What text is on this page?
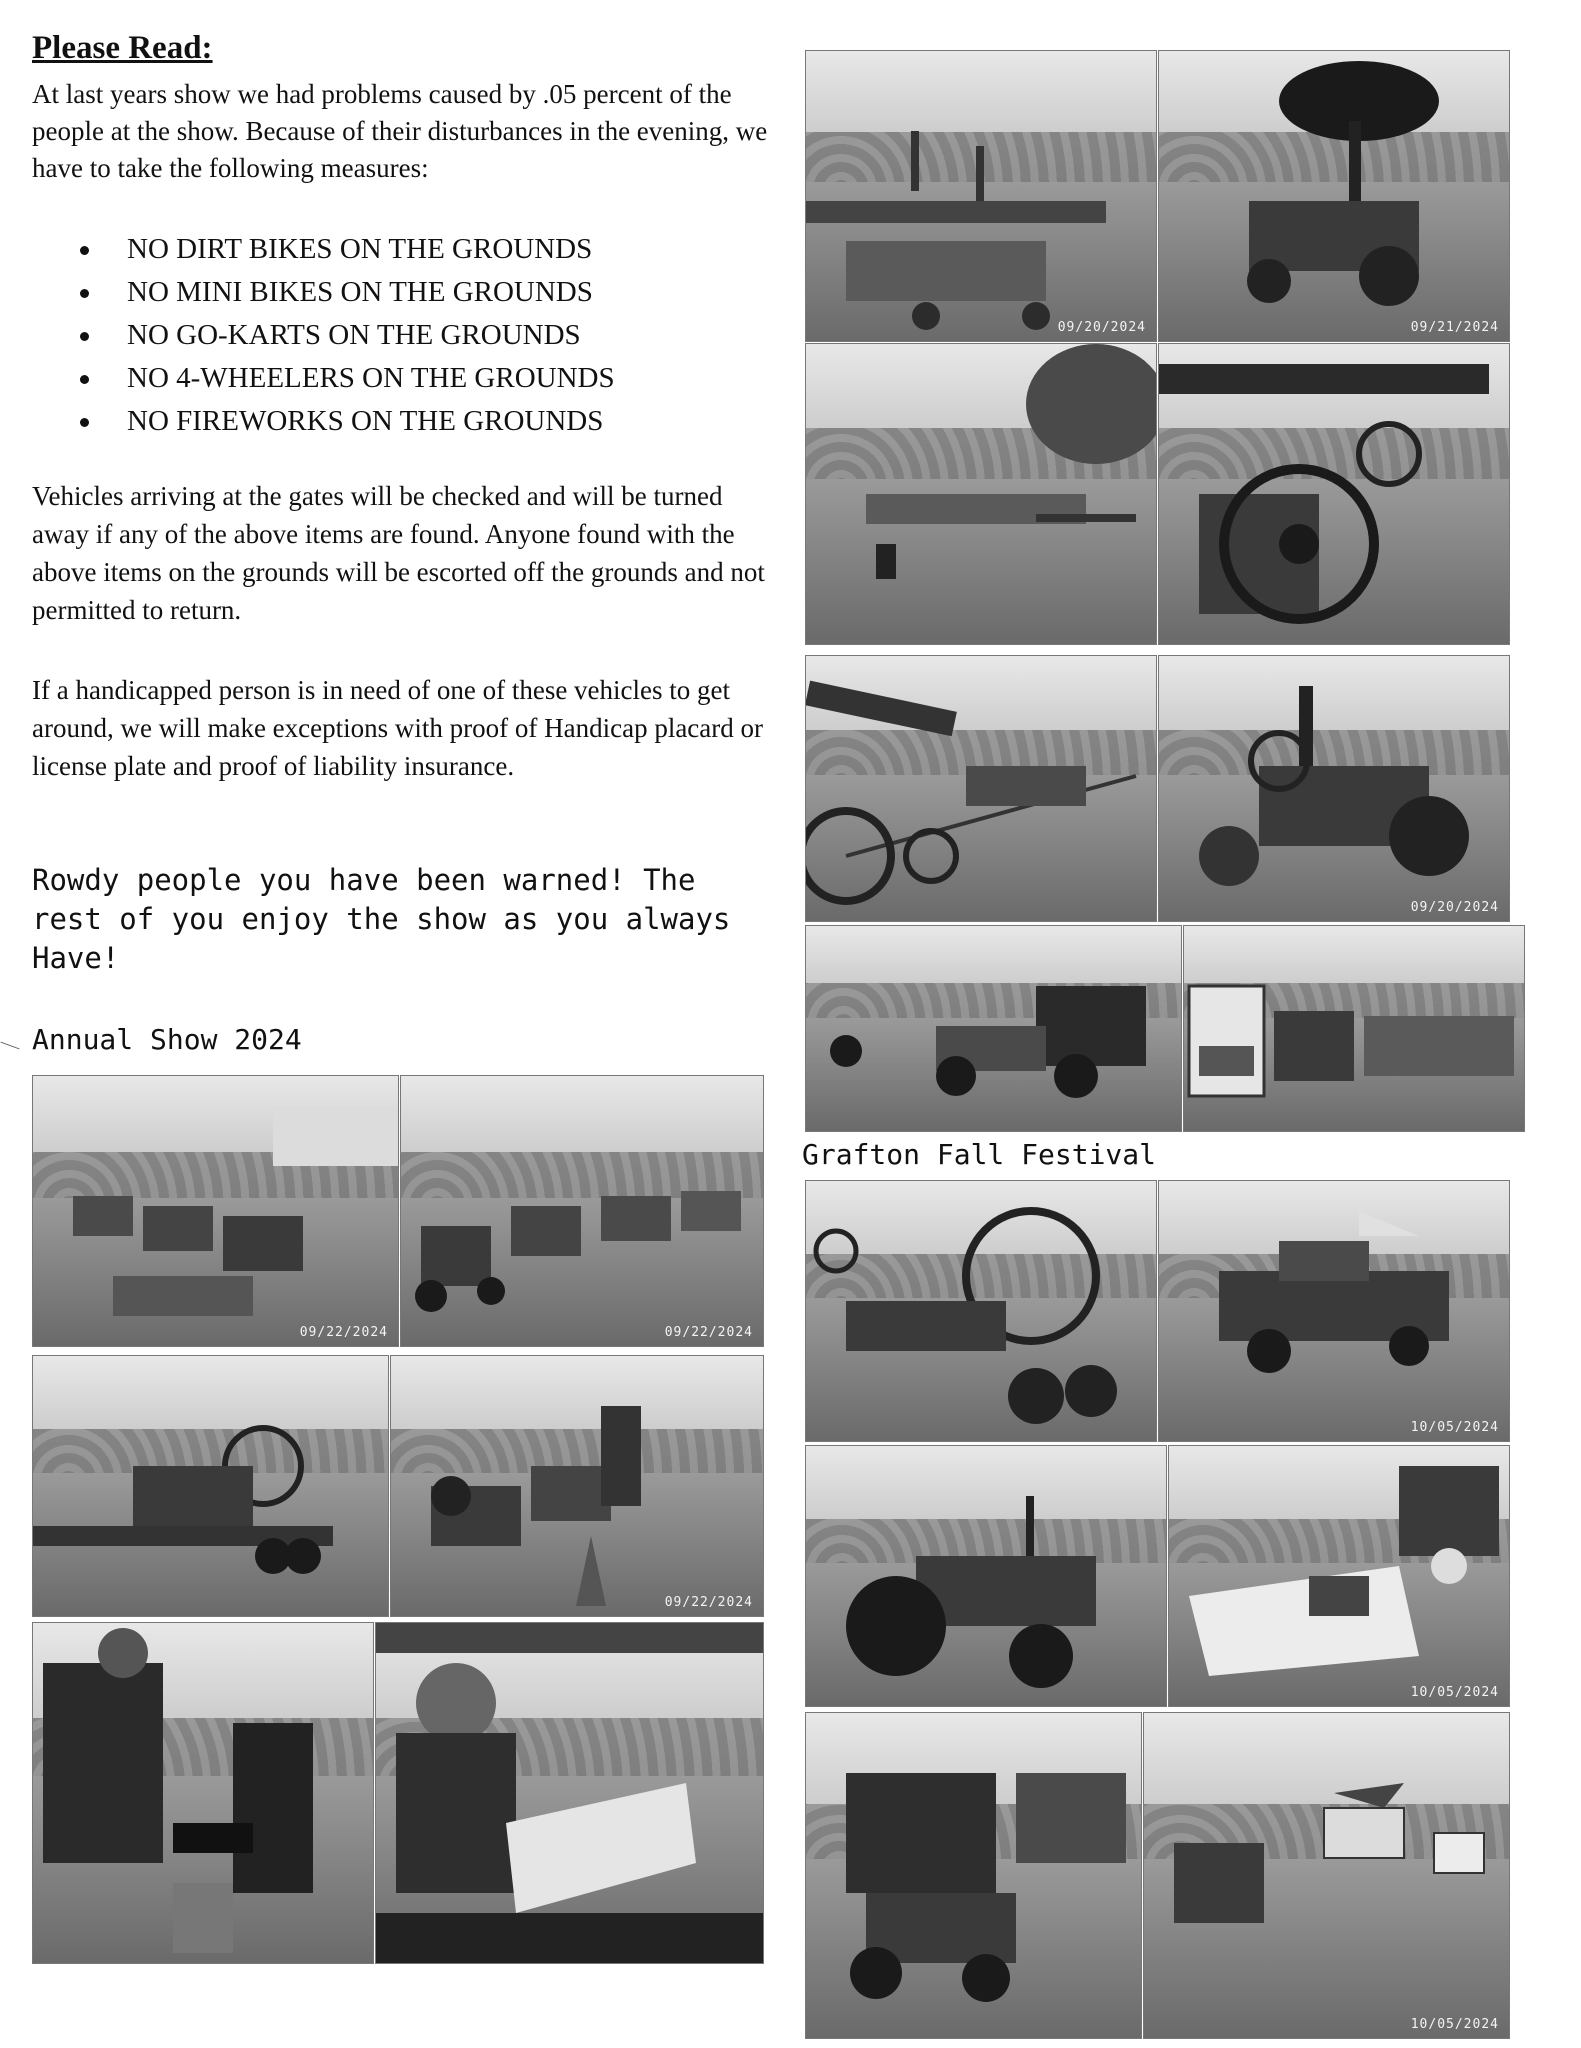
Please Read:
At last years show we had problems caused by .05 percent of the people at the show. Because of their disturbances in the evening, we have to take the following measures:
NO DIRT BIKES ON THE GROUNDS
NO MINI BIKES ON THE GROUNDS
NO GO-KARTS ON THE GROUNDS
NO 4-WHEELERS ON THE GROUNDS
NO FIREWORKS ON THE GROUNDS
Vehicles arriving at the gates will be checked and will be turned away if any of the above items are found. Anyone found with the above items on the grounds will be escorted off the grounds and not permitted to return.
If a handicapped person is in need of one of these vehicles to get around, we will make exceptions with proof of Handicap placard or license plate and proof of liability insurance.
Rowdy people you have been warned! The rest of you enjoy the show as you always Have!
Annual Show 2024
Grafton Fall Festival
09/20/2024	09/21/2024
09/20/2024
10/05/2024
10/05/2024
10/05/2024
09/22/2024	09/22/2024
09/22/2024
